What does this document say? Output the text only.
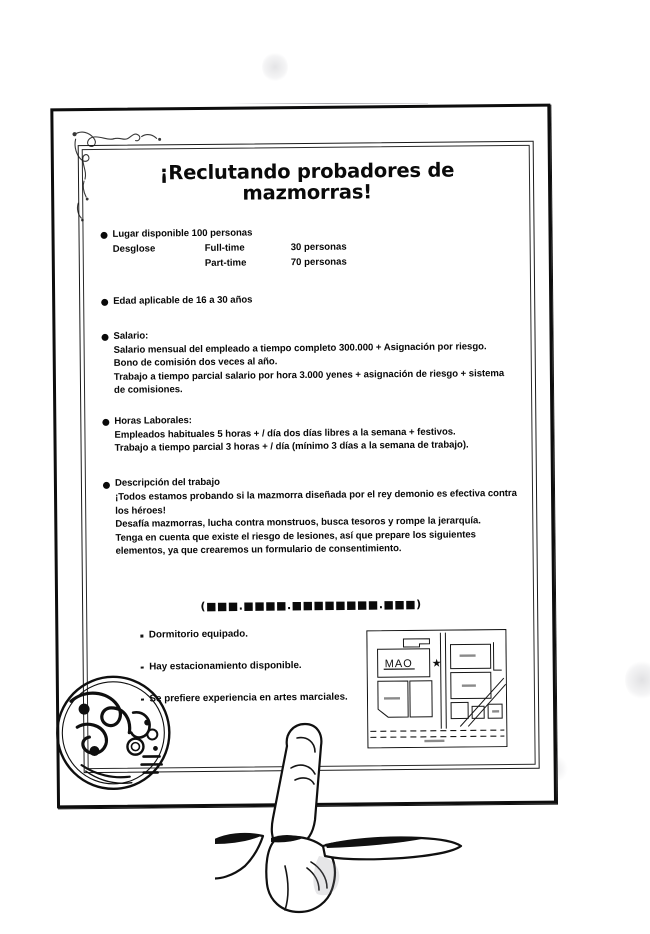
¡Reclutando probadores de mazmorras!
Lugar disponible 100 personas
Desglose	Full-time	30 personas
Part-time	70 personas
Edad aplicable de 16 a 30 años
Salario:
Salario mensual del empleado a tiempo completo 300.000 + Asignación por riesgo.
Bono de comisión dos veces al año.
Trabajo a tiempo parcial salario por hora 3.000 yenes + asignación de riesgo + sistema de comisiones.
Horas Laborales:
Empleados habituales 5 horas + / día dos días libres a la semana + festivos.
Trabajo a tiempo parcial 3 horas + / día (mínimo 3 días a la semana de trabajo).
Descripción del trabajo
¡Todos estamos probando si la mazmorra diseñada por el rey demonio es efectiva contra los héroes!
Desafía mazmorras, lucha contra monstruos, busca tesoros y rompe la jerarquía.
Tenga en cuenta que existe el riesgo de lesiones, así que prepare los siguientes elementos, ya que crearemos un formulario de consentimiento.
(■■■.■■■■.■■■■■■■■.■■■)
Dormitorio equipado.
Hay estacionamiento disponible.
Se prefiere experiencia en artes marciales.
MAO ★
